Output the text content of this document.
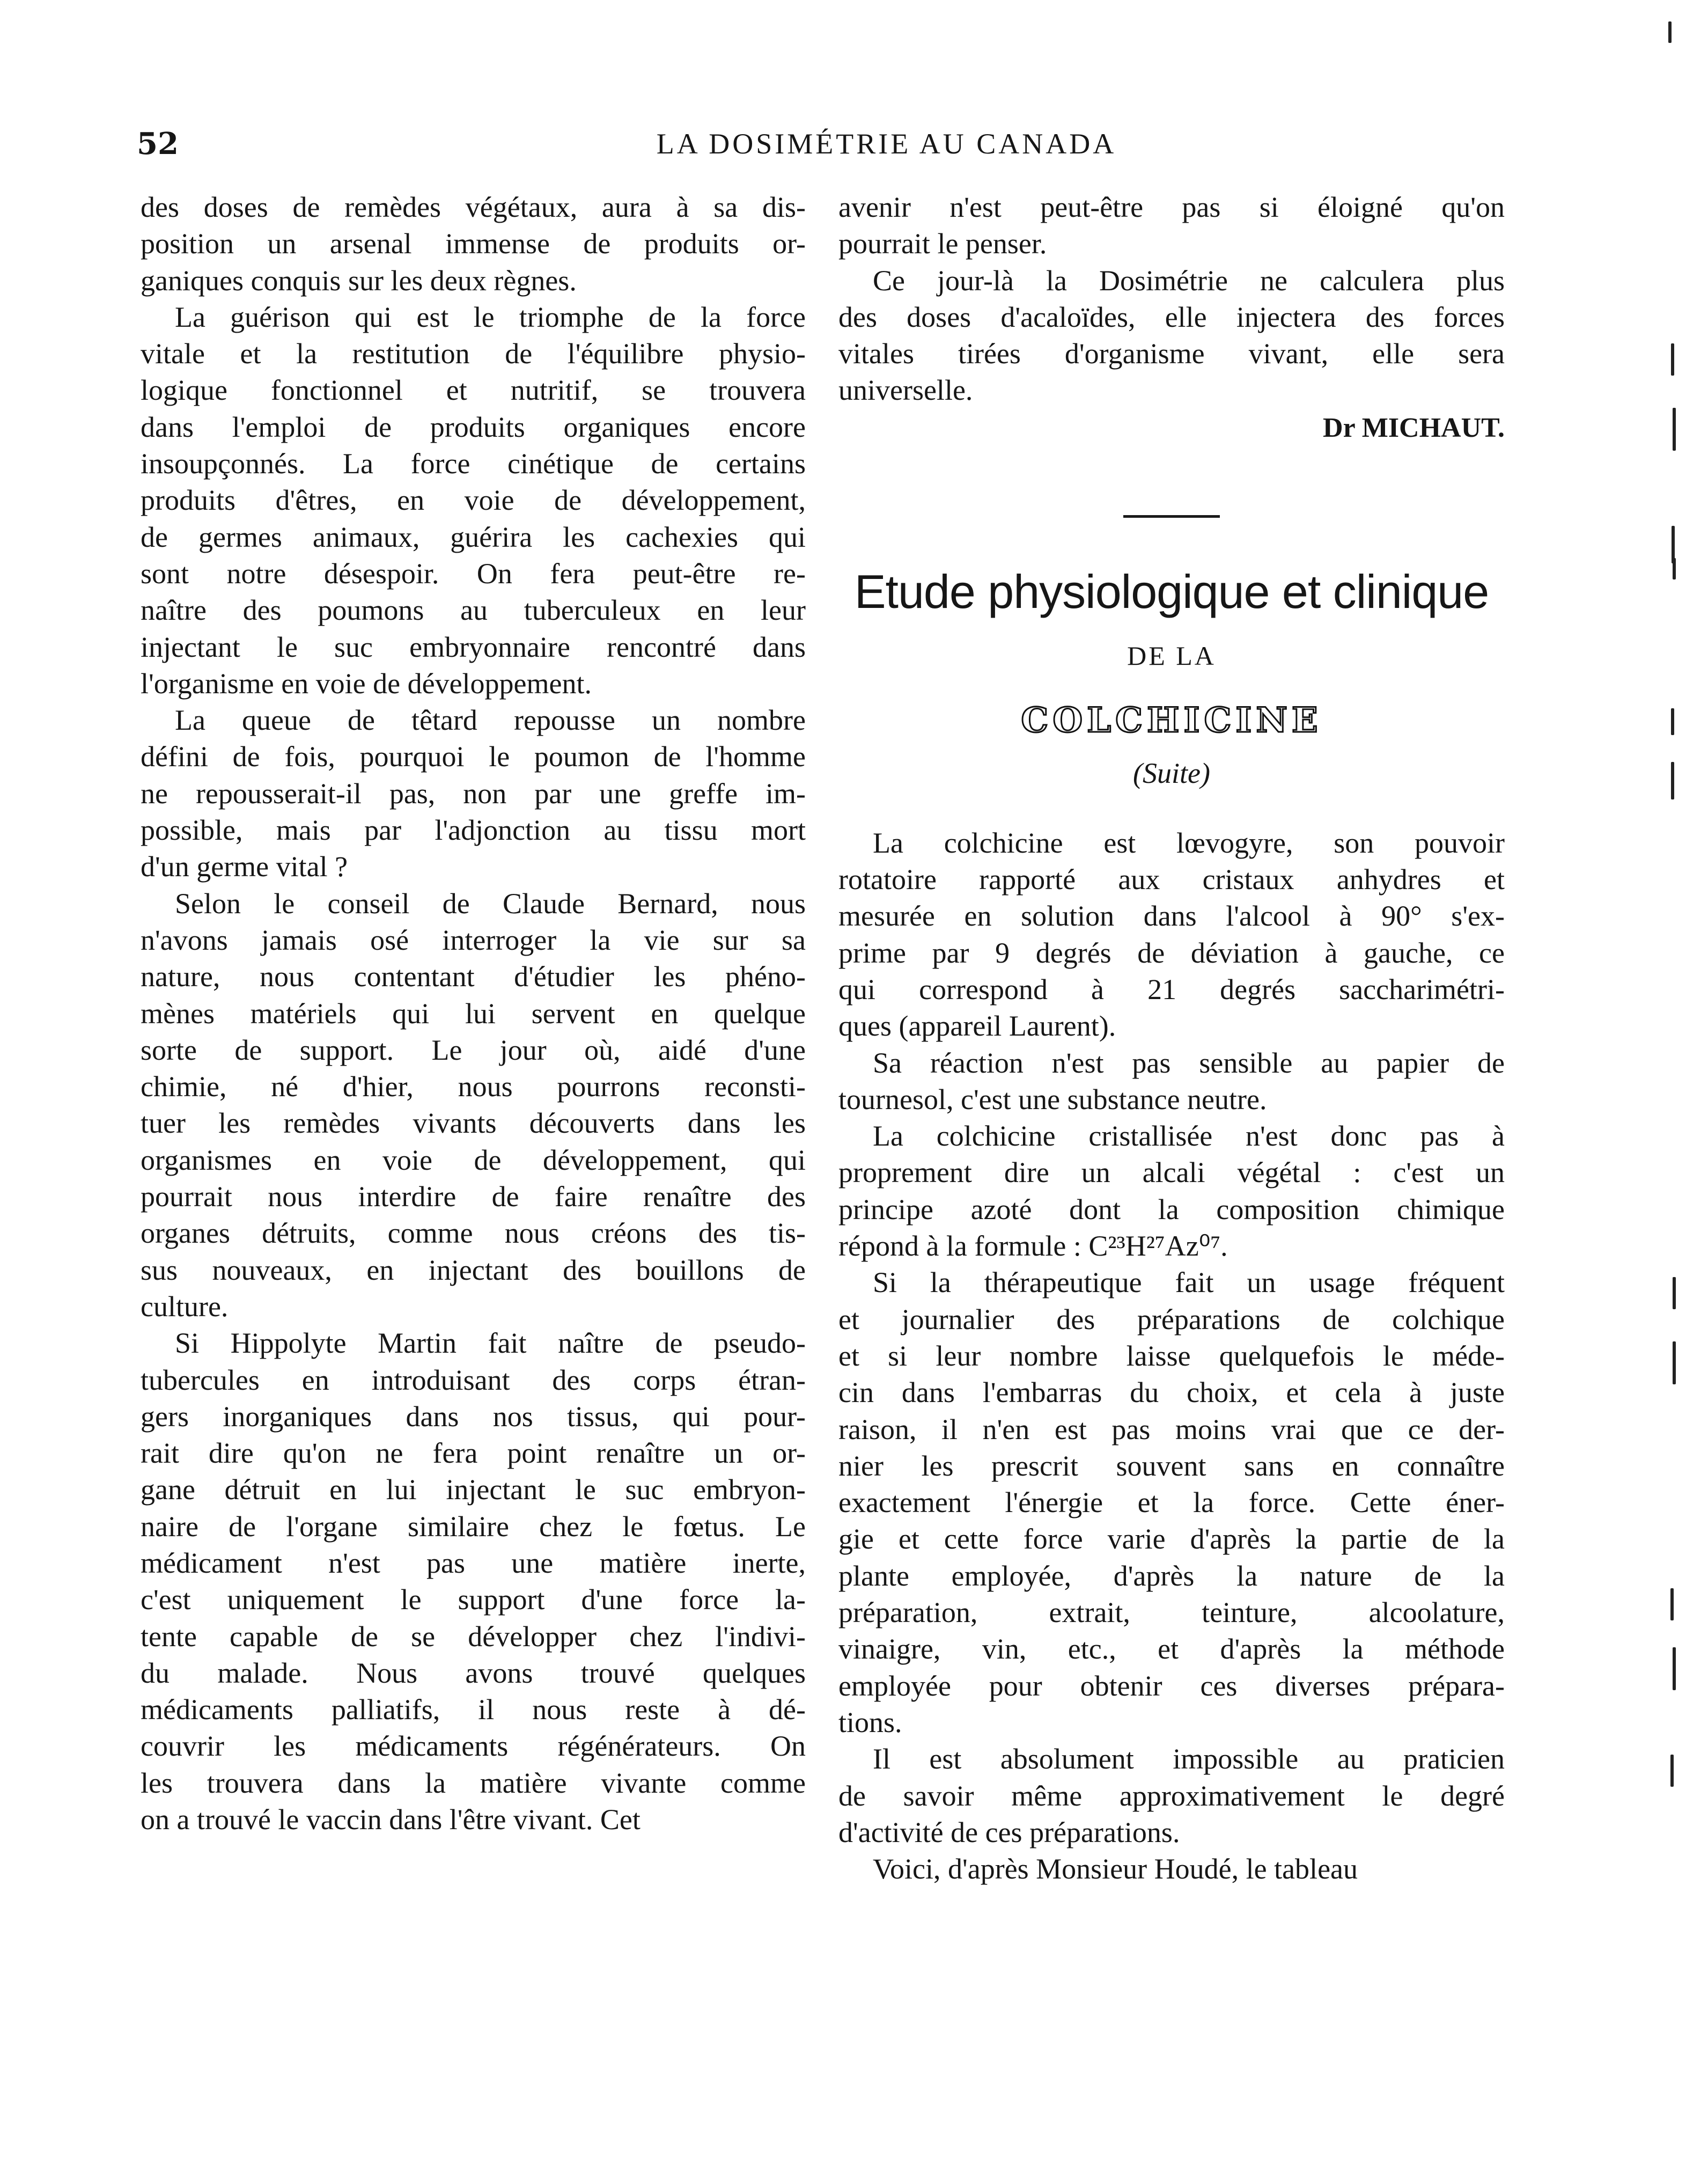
52	LA DOSIMÉTRIE AU CANADA

des doses de remèdes végétaux, aura à sa dis-
position un arsenal immense de produits or-
ganiques conquis sur les deux règnes.

La guérison qui est le triomphe de la force
vitale et la restitution de l'équilibre physio-
logique fonctionnel et nutritif, se trouvera
dans l'emploi de produits organiques encore
insoupçonnés. La force cinétique de certains
produits d'êtres, en voie de développement,
de germes animaux, guérira les cachexies qui
sont notre désespoir. On fera peut-être re-
naître des poumons au tuberculeux en leur
injectant le suc embryonnaire rencontré dans
l'organisme en voie de développement.

La queue de têtard repousse un nombre
défini de fois, pourquoi le poumon de l'homme
ne repousserait-il pas, non par une greffe im-
possible, mais par l'adjonction au tissu mort
d'un germe vital ?

Selon le conseil de Claude Bernard, nous
n'avons jamais osé interroger la vie sur sa
nature, nous contentant d'étudier les phéno-
mènes matériels qui lui servent en quelque
sorte de support. Le jour où, aidé d'une
chimie, né d'hier, nous pourrons reconsti-
tuer les remèdes vivants découverts dans les
organismes en voie de développement, qui
pourrait nous interdire de faire renaître des
organes détruits, comme nous créons des tis-
sus nouveaux, en injectant des bouillons de
culture.

Si Hippolyte Martin fait naître de pseudo-
tubercules en introduisant des corps étran-
gers inorganiques dans nos tissus, qui pour-
rait dire qu'on ne fera point renaître un or-
gane détruit en lui injectant le suc embryon-
naire de l'organe similaire chez le fœtus. Le
médicament n'est pas une matière inerte,
c'est uniquement le support d'une force la-
tente capable de se développer chez l'indivi-
du malade. Nous avons trouvé quelques
médicaments palliatifs, il nous reste à dé-
couvrir les médicaments régénérateurs. On
les trouvera dans la matière vivante comme
on a trouvé le vaccin dans l'être vivant. Cet

avenir n'est peut-être pas si éloigné qu'on
pourrait le penser.

Ce jour-là la Dosimétrie ne calculera plus
des doses d'acaloïdes, elle injectera des forces
vitales tirées d'organisme vivant, elle sera
universelle.

Dr MICHAUT.
Etude physiologique et clinique
DE LA
COLCHICINE
(Suite)

La colchicine est lœvogyre, son pouvoir
rotatoire rapporté aux cristaux anhydres et
mesurée en solution dans l'alcool à 90° s'ex-
prime par 9 degrés de déviation à gauche, ce
qui correspond à 21 degrés saccharimétri-
ques (appareil Laurent).

Sa réaction n'est pas sensible au papier de
tournesol, c'est une substance neutre.

La colchicine cristallisée n'est donc pas à
proprement dire un alcali végétal : c'est un
principe azoté dont la composition chimique
répond à la formule : C²³H²⁷Az⁰⁷.

Si la thérapeutique fait un usage fréquent
et journalier des préparations de colchique
et si leur nombre laisse quelquefois le méde-
cin dans l'embarras du choix, et cela à juste
raison, il n'en est pas moins vrai que ce der-
nier les prescrit souvent sans en connaître
exactement l'énergie et la force. Cette éner-
gie et cette force varie d'après la partie de la
plante employée, d'après la nature de la
préparation, extrait, teinture, alcoolature,
vinaigre, vin, etc., et d'après la méthode
employée pour obtenir ces diverses prépara-
tions.

Il est absolument impossible au praticien
de savoir même approximativement le degré
d'activité de ces préparations.

Voici, d'après Monsieur Houdé, le tableau
